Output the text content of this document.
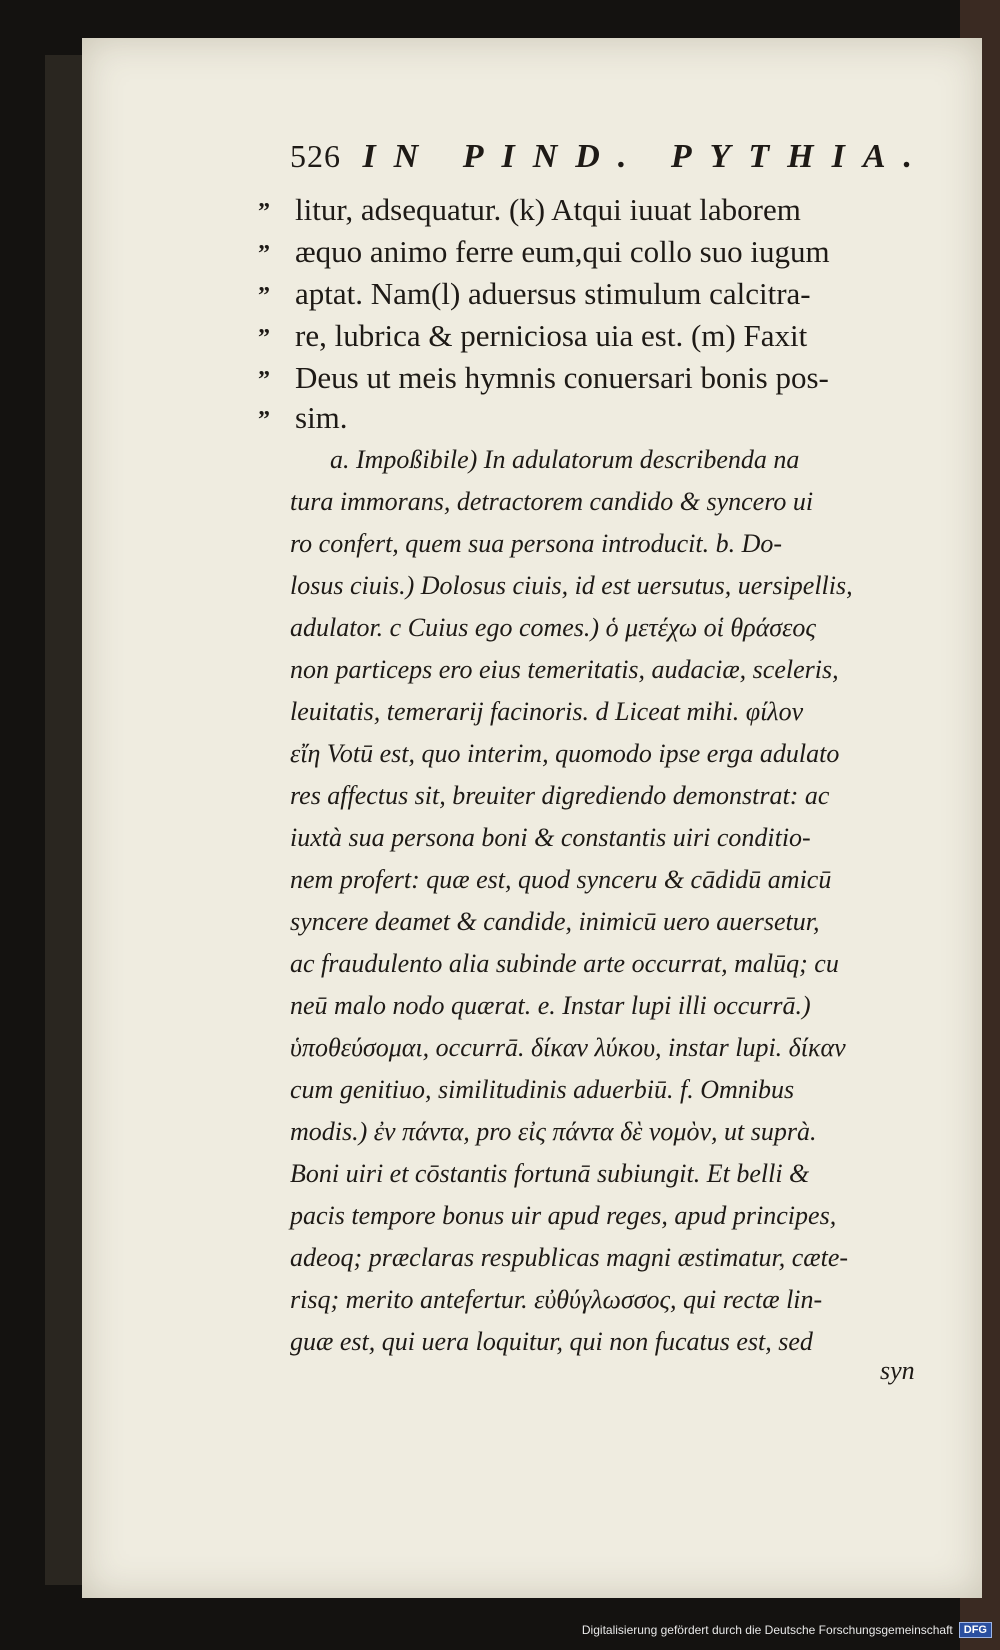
526 IN PIND. PYTHIA.
” litur, adsequatur. (k) Atqui iuuat laborem
” æquo animo ferre eum,qui collo suo iugum
” aptat. Nam(l) aduersus stimulum calcitra-
” re, lubrica & perniciosa uia est. (m) Faxit
” Deus ut meis hymnis conuersari bonis pos-
” sim.
a. Impoßibile) In adulatorum describenda na
tura immorans, detractorem candido & syncero ui
ro confert, quem sua persona introducit. b. Do-
losus ciuis.) Dolosus ciuis, id est uersutus, uersipellis,
adulator. c Cuius ego comes.) ὁ μετέχω οἱ θράσεος
non particeps ero eius temeritatis, audaciæ, sceleris,
leuitatis, temerarij facinoris. d Liceat mihi. φίλον
εἴη Votū est, quo interim, quomodo ipse erga adulato
res affectus sit, breuiter digrediendo demonstrat: ac
iuxtà sua persona boni & constantis uiri conditio-
nem profert: quæ est, quod synceru & cādidū amicū
syncere deamet & candide, inimicū uero auersetur,
ac fraudulento alia subinde arte occurrat, malūq; cu
neū malo nodo quærat. e. Instar lupi illi occurrā.)
ὑποθεύσομαι, occurrā. δίκαν λύκου, instar lupi. δίκαν
cum genitiuo, similitudinis aduerbiū. f. Omnibus
modis.) ἐν πάντα, pro εἰς πάντα δὲ νομὸν, ut suprà.
Boni uiri et cōstantis fortunā subiungit. Et belli &
pacis tempore bonus uir apud reges, apud principes,
adeoq; præclaras respublicas magni æstimatur, cæte-
risq; merito antefertur. εὐθύγλωσσος, qui rectæ lin-
guæ est, qui uera loquitur, qui non fucatus est, sed
syn
Digitalisierung gefördert durch die Deutsche Forschungsgemeinschaft	DFG
